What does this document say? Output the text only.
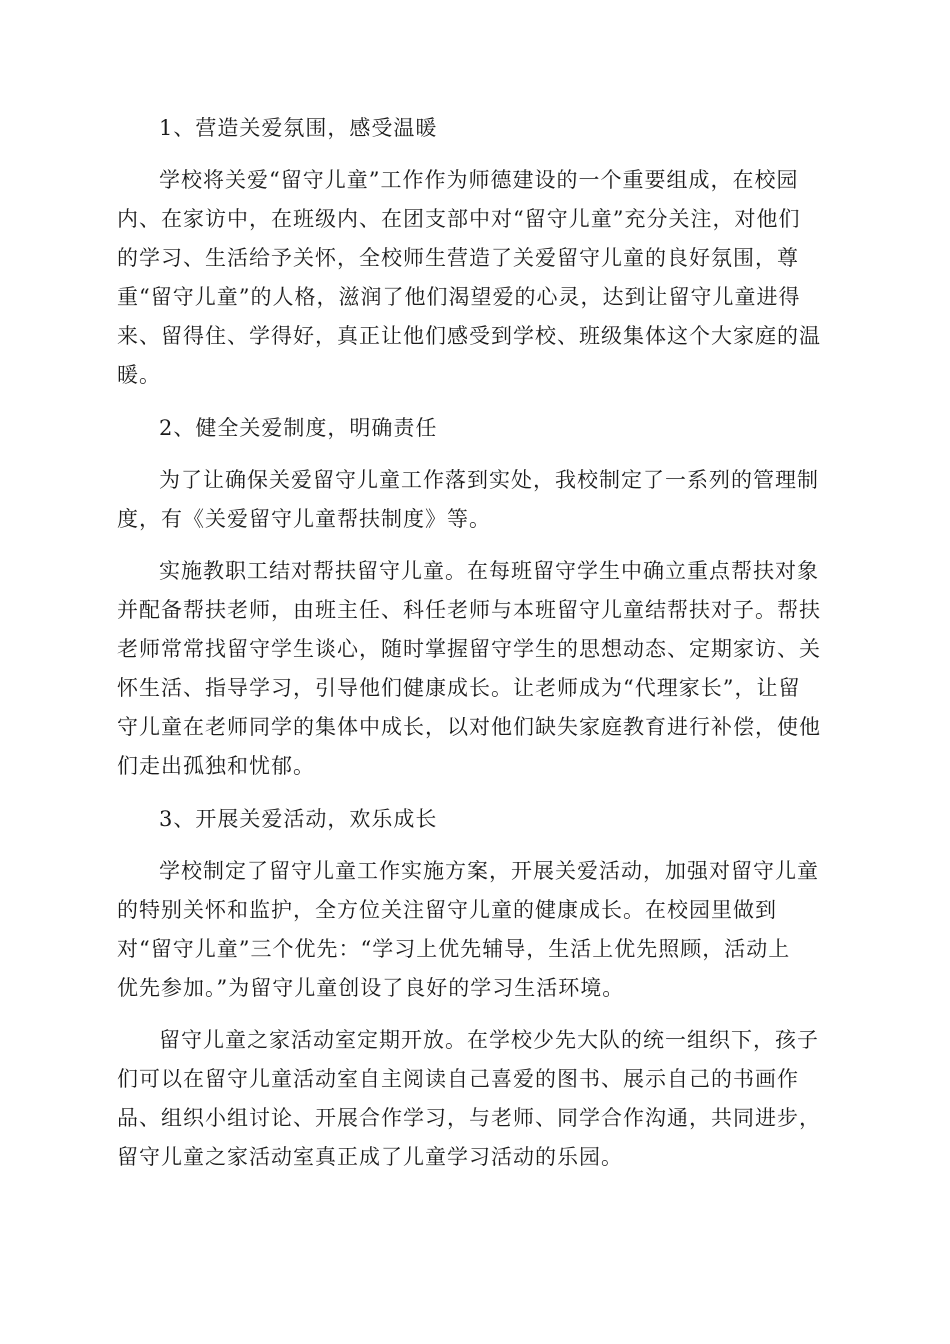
1、营造关爱氛围，感受温暖

学校将关爱“留守儿童”工作作为师德建设的一个重要组成，在校园
内、在家访中，在班级内、在团支部中对“留守儿童”充分关注，对他们
的学习、生活给予关怀，全校师生营造了关爱留守儿童的良好氛围，尊
重“留守儿童”的人格，滋润了他们渴望爱的心灵，达到让留守儿童进得
来、留得住、学得好，真正让他们感受到学校、班级集体这个大家庭的温
暖。

2、健全关爱制度，明确责任

为了让确保关爱留守儿童工作落到实处，我校制定了一系列的管理制
度，有《关爱留守儿童帮扶制度》等。

实施教职工结对帮扶留守儿童。在每班留守学生中确立重点帮扶对象
并配备帮扶老师，由班主任、科任老师与本班留守儿童结帮扶对子。帮扶
老师常常找留守学生谈心，随时掌握留守学生的思想动态、定期家访、关
怀生活、指导学习，引导他们健康成长。让老师成为“代理家长”，让留
守儿童在老师同学的集体中成长，以对他们缺失家庭教育进行补偿，使他
们走出孤独和忧郁。

3、开展关爱活动，欢乐成长

学校制定了留守儿童工作实施方案，开展关爱活动，加强对留守儿童
的特别关怀和监护，全方位关注留守儿童的健康成长。在校园里做到
对“留守儿童”三个优先：“学习上优先辅导，生活上优先照顾，活动上
优先参加。”为留守儿童创设了良好的学习生活环境。

留守儿童之家活动室定期开放。在学校少先大队的统一组织下，孩子
们可以在留守儿童活动室自主阅读自己喜爱的图书、展示自己的书画作
品、组织小组讨论、开展合作学习，与老师、同学合作沟通，共同进步，
留守儿童之家活动室真正成了儿童学习活动的乐园。
